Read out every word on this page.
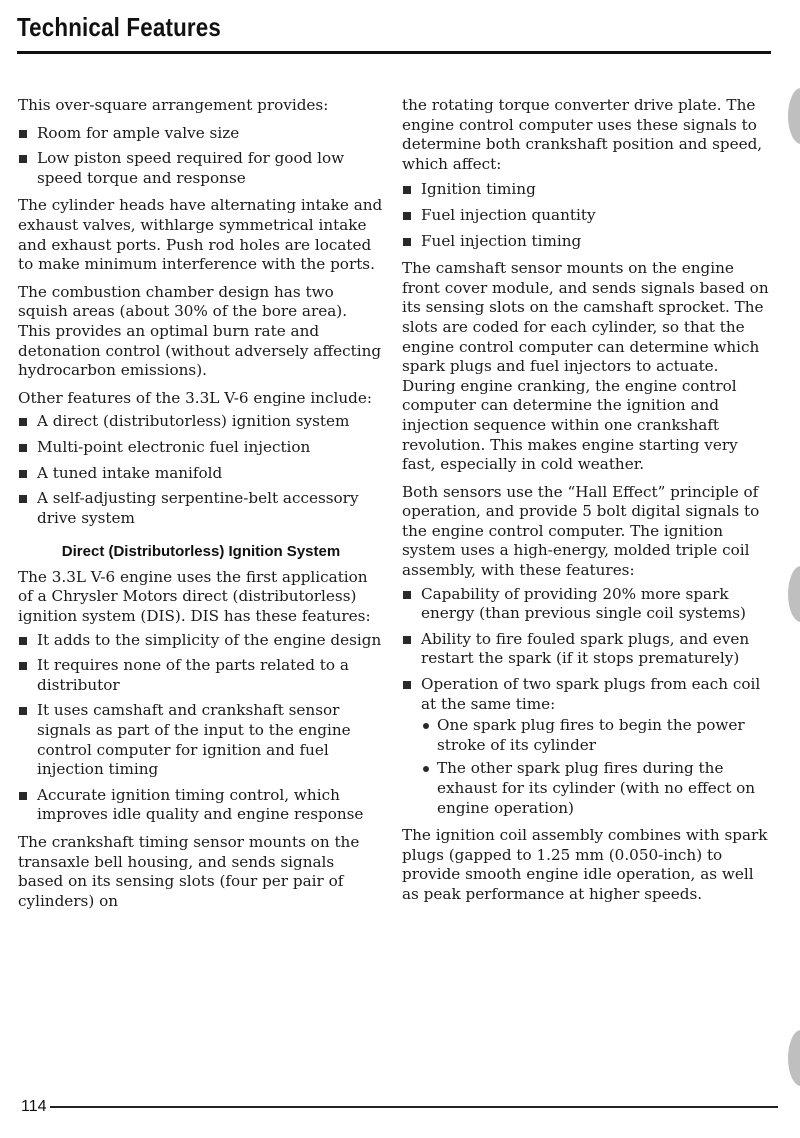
Technical Features

This over-square arrangement provides:

Room for ample valve size
Low piston speed required for good low speed torque and response

The cylinder heads have alternating intake and exhaust valves, withlarge symmetrical intake and exhaust ports. Push rod holes are located to make minimum interference with the ports.

The combustion chamber design has two squish areas (about 30% of the bore area). This provides an optimal burn rate and detonation control (without adversely affecting hydrocarbon emissions).

Other features of the 3.3L V-6 engine include:

A direct (distributorless) ignition system
Multi-point electronic fuel injection
A tuned intake manifold
A self-adjusting serpentine-belt accessory drive system
Direct (Distributorless) Ignition System

The 3.3L V-6 engine uses the first application of a Chrysler Motors direct (distributorless) ignition system (DIS). DIS has these features:

It adds to the simplicity of the engine design
It requires none of the parts related to a distributor
It uses camshaft and crankshaft sensor signals as part of the input to the engine control computer for ignition and fuel injection timing
Accurate ignition timing control, which improves idle quality and engine response

The crankshaft timing sensor mounts on the transaxle bell housing, and sends signals based on its sensing slots (four per pair of cylinders) on

the rotating torque converter drive plate. The engine control computer uses these signals to determine both crankshaft position and speed, which affect:

Ignition timing
Fuel injection quantity
Fuel injection timing

The camshaft sensor mounts on the engine front cover module, and sends signals based on its sensing slots on the camshaft sprocket. The slots are coded for each cylinder, so that the engine control computer can determine which spark plugs and fuel injectors to actuate. During engine cranking, the engine control computer can determine the ignition and injection sequence within one crankshaft revolution. This makes engine starting very fast, especially in cold weather.

Both sensors use the “Hall Effect” principle of operation, and provide 5 bolt digital signals to the engine control computer. The ignition system uses a high-energy, molded triple coil assembly, with these features:

Capability of providing 20% more spark energy (than previous single coil systems)
Ability to fire fouled spark plugs, and even restart the spark (if it stops prematurely)
Operation of two spark plugs from each coil at the same time:
One spark plug fires to begin the power stroke of its cylinder
The other spark plug fires during the exhaust for its cylinder (with no effect on engine operation)

The ignition coil assembly combines with spark plugs (gapped to 1.25 mm (0.050-inch) to provide smooth engine idle operation, as well as peak performance at higher speeds.

114
